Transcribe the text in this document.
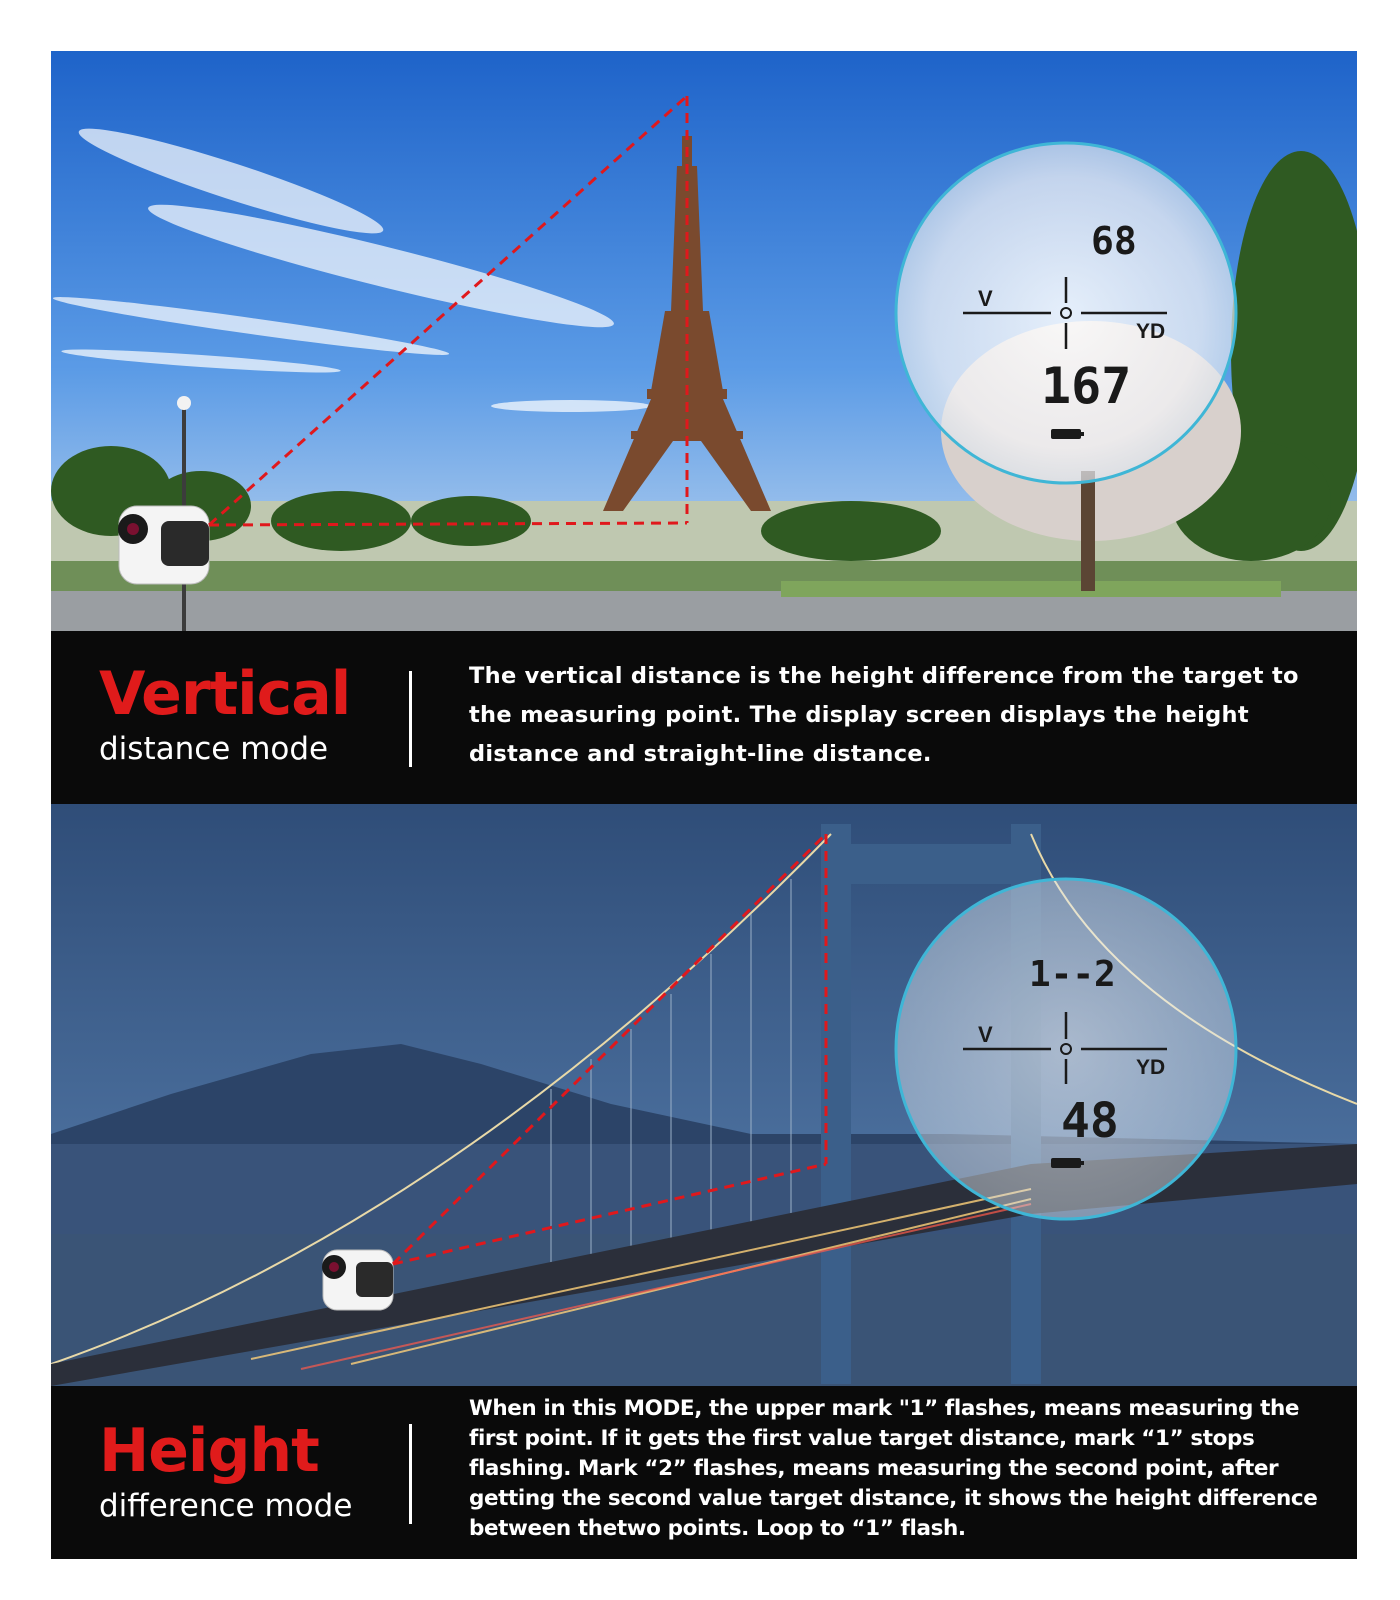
68
V
YD
167
Vertical
distance mode
The vertical distance is the height difference from the target to the measuring point. The display screen displays the height distance and straight-line distance.
1--2
V
YD
48
Height
difference mode
When in this MODE, the upper mark "1” flashes, means measuring the first point. If it gets the first value target distance, mark “1” stops flashing. Mark “2” flashes, means measuring the second point, after getting the second value target distance, it shows the height difference between thetwo points. Loop to “1” flash.
